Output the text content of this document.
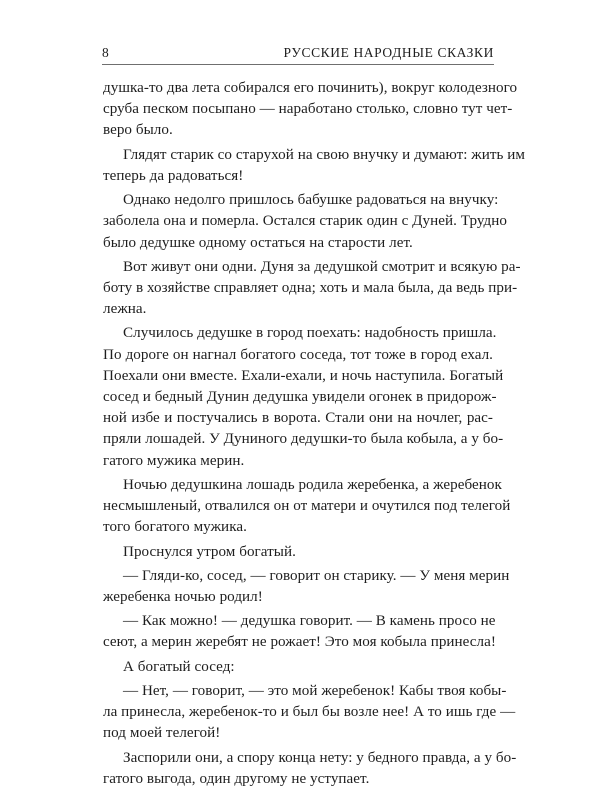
8	РУССКИЕ НАРОДНЫЕ СКАЗКИ
душка-то два лета собирался его починить), вокруг колодезного
сруба песком посыпано — наработано столько, словно тут чет-
веро было.
Глядят старик со старухой на свою внучку и думают: жить им
теперь да радоваться!
Однако недолго пришлось бабушке радоваться на внучку:
заболела она и померла. Остался старик один с Дуней. Трудно
было дедушке одному остаться на старости лет.
Вот живут они одни. Дуня за дедушкой смотрит и всякую ра-
боту в хозяйстве справляет одна; хоть и мала была, да ведь при-
лежна.
Случилось дедушке в город поехать: надобность пришла.
По дороге он нагнал богатого соседа, тот тоже в город ехал.
Поехали они вместе. Ехали-ехали, и ночь наступила. Богатый
сосед и бедный Дунин дедушка увидели огонек в придорож-
ной избе и постучались в ворота. Стали они на ночлег, рас-
пряли лошадей. У Дуниного дедушки-то была кобыла, а у бо-
гатого мужика мерин.
Ночью дедушкина лошадь родила жеребенка, а жеребенок
несмышленый, отвалился он от матери и очутился под телегой
того богатого мужика.
Проснулся утром богатый.
— Гляди-ко, сосед, — говорит он старику. — У меня мерин
жеребенка ночью родил!
— Как можно! — дедушка говорит. — В камень просо не
сеют, а мерин жеребят не рожает! Это моя кобыла принесла!
А богатый сосед:
— Нет, — говорит, — это мой жеребенок! Кабы твоя кобы-
ла принесла, жеребенок-то и был бы возле нее! А то ишь где —
под моей телегой!
Заспорили они, а спору конца нету: у бедного правда, а у бо-
гатого выгода, один другому не уступает.
